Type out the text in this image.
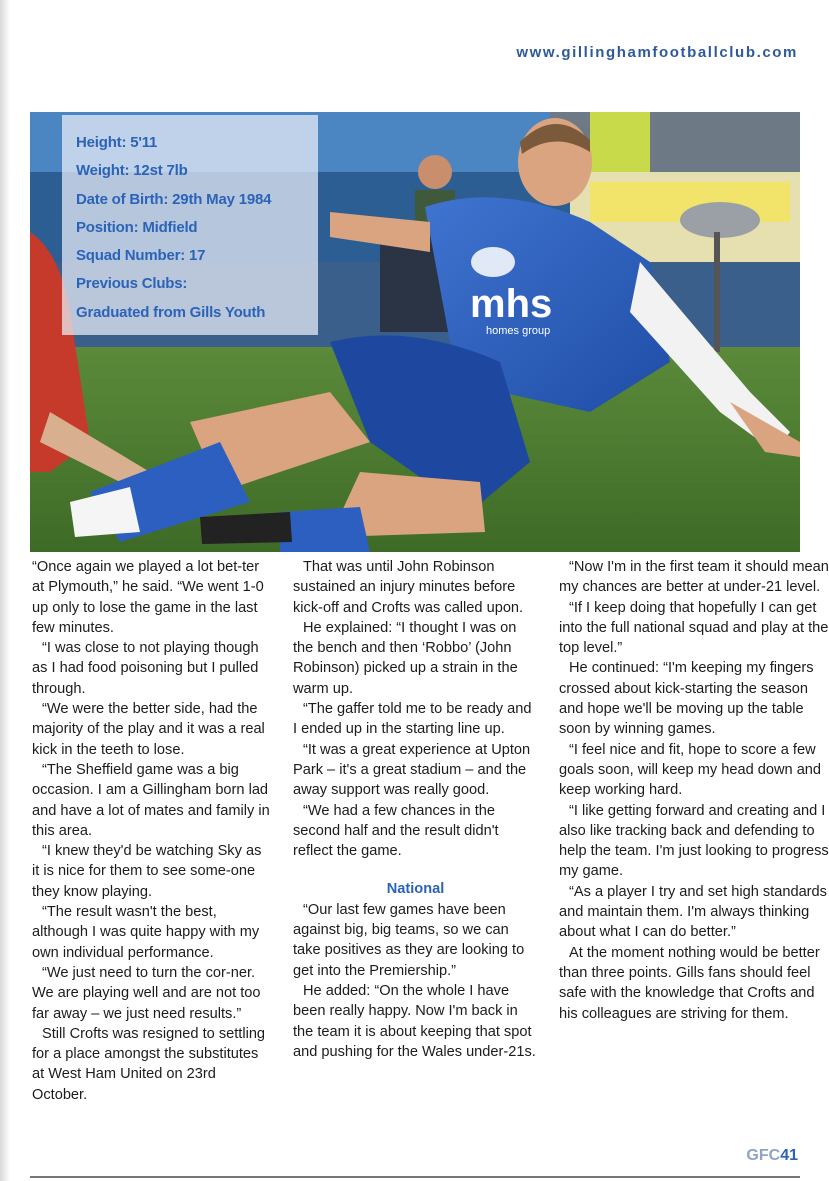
www.gillinghamfootballclub.com
mhs
homes group
Height: 5'11
Weight: 12st 7lb
Date of Birth: 29th May 1984
Position: Midfield
Squad Number: 17
Previous Clubs:
Graduated from Gills Youth

“Once again we played a lot bet-ter at Plymouth,” he said. “We went 1-0 up only to lose the game in the last few minutes.

“I was close to not playing though as I had food poisoning but I pulled through.

“We were the better side, had the majority of the play and it was a real kick in the teeth to lose.

“The Sheffield game was a big occasion. I am a Gillingham born lad and have a lot of mates and family in this area.

“I knew they'd be watching Sky as it is nice for them to see some-one they know playing.

“The result wasn't the best, although I was quite happy with my own individual performance.

“We just need to turn the cor-ner. We are playing well and are not too far away – we just need results.”

Still Crofts was resigned to settling for a place amongst the substitutes at West Ham United on 23rd October.

That was until John Robinson sustained an injury minutes before kick-off and Crofts was called upon.

He explained: “I thought I was on the bench and then ‘Robbo’ (John Robinson) picked up a strain in the warm up.

“The gaffer told me to be ready and I ended up in the starting line up.

“It was a great experience at Upton Park – it's a great stadium – and the away support was really good.

“We had a few chances in the second half and the result didn't reflect the game.

National

“Our last few games have been against big, big teams, so we can take positives as they are looking to get into the Premiership.”

He added: “On the whole I have been really happy. Now I'm back in the team it is about keeping that spot and pushing for the Wales under-21s.

“Now I'm in the first team it should mean my chances are better at under-21 level.

“If I keep doing that hopefully I can get into the full national squad and play at the top level.”

He continued: “I'm keeping my fingers crossed about kick-starting the season and hope we'll be moving up the table soon by winning games.

“I feel nice and fit, hope to score a few goals soon, will keep my head down and keep working hard.

“I like getting forward and creating and I also like tracking back and defending to help the team. I'm just looking to progress my game.

“As a player I try and set high standards and maintain them. I'm always thinking about what I can do better.”

At the moment nothing would be better than three points. Gills fans should feel safe with the knowledge that Crofts and his colleagues are striving for them.

GFC41
